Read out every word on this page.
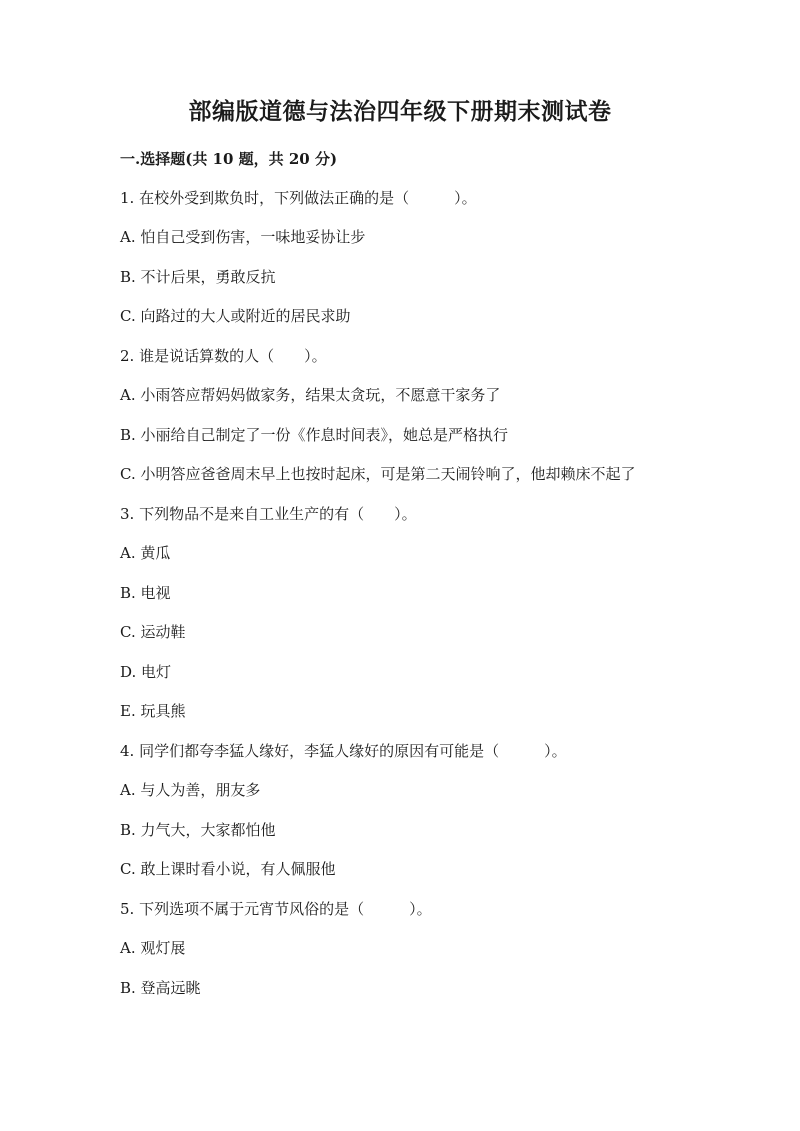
部编版道德与法治四年级下册期末测试卷
一.选择题(共 10 题，共 20 分)
1. 在校外受到欺负时，下列做法正确的是（　　　）。
A. 怕自己受到伤害，一味地妥协让步
B. 不计后果，勇敢反抗
C. 向路过的大人或附近的居民求助
2. 谁是说话算数的人（　　）。
A. 小雨答应帮妈妈做家务，结果太贪玩，不愿意干家务了
B. 小丽给自己制定了一份《作息时间表》，她总是严格执行
C. 小明答应爸爸周末早上也按时起床，可是第二天闹铃响了，他却赖床不起了
3. 下列物品不是来自工业生产的有（　　）。
A. 黄瓜
B. 电视
C. 运动鞋
D. 电灯
E. 玩具熊
4. 同学们都夸李猛人缘好，李猛人缘好的原因有可能是（　　　）。
A. 与人为善，朋友多
B. 力气大，大家都怕他
C. 敢上课时看小说，有人佩服他
5. 下列选项不属于元宵节风俗的是（　　　）。
A. 观灯展
B. 登高远眺
